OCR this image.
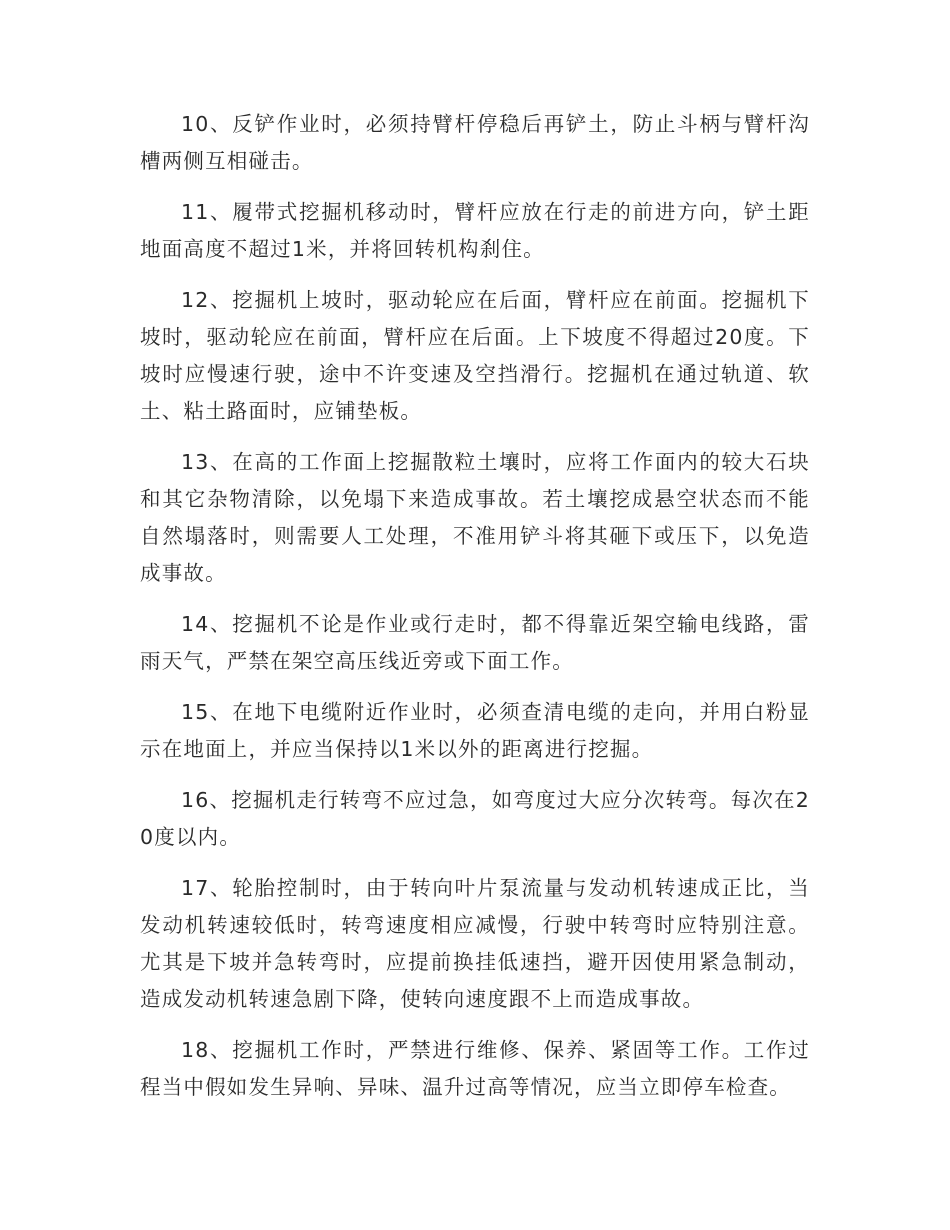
10、反铲作业时，必须持臂杆停稳后再铲土，防止斗柄与臂杆沟槽两侧互相碰击。

11、履带式挖掘机移动时，臂杆应放在行走的前进方向，铲土距地面高度不超过1米，并将回转机构刹住。

12、挖掘机上坡时，驱动轮应在后面，臂杆应在前面。挖掘机下坡时，驱动轮应在前面，臂杆应在后面。上下坡度不得超过20度。下坡时应慢速行驶，途中不许变速及空挡滑行。挖掘机在通过轨道、软土、粘土路面时，应铺垫板。

13、在高的工作面上挖掘散粒土壤时，应将工作面内的较大石块和其它杂物清除，以免塌下来造成事故。若土壤挖成悬空状态而不能自然塌落时，则需要人工处理，不准用铲斗将其砸下或压下，以免造成事故。

14、挖掘机不论是作业或行走时，都不得靠近架空输电线路，雷雨天气，严禁在架空高压线近旁或下面工作。

15、在地下电缆附近作业时，必须查清电缆的走向，并用白粉显示在地面上，并应当保持以1米以外的距离进行挖掘。

16、挖掘机走行转弯不应过急，如弯度过大应分次转弯。每次在20度以内。

17、轮胎控制时，由于转向叶片泵流量与发动机转速成正比，当发动机转速较低时，转弯速度相应减慢，行驶中转弯时应特别注意。尤其是下坡并急转弯时，应提前换挂低速挡，避开因使用紧急制动，造成发动机转速急剧下降，使转向速度跟不上而造成事故。

18、挖掘机工作时，严禁进行维修、保养、紧固等工作。工作过程当中假如发生异响、异味、温升过高等情况，应当立即停车检查。
